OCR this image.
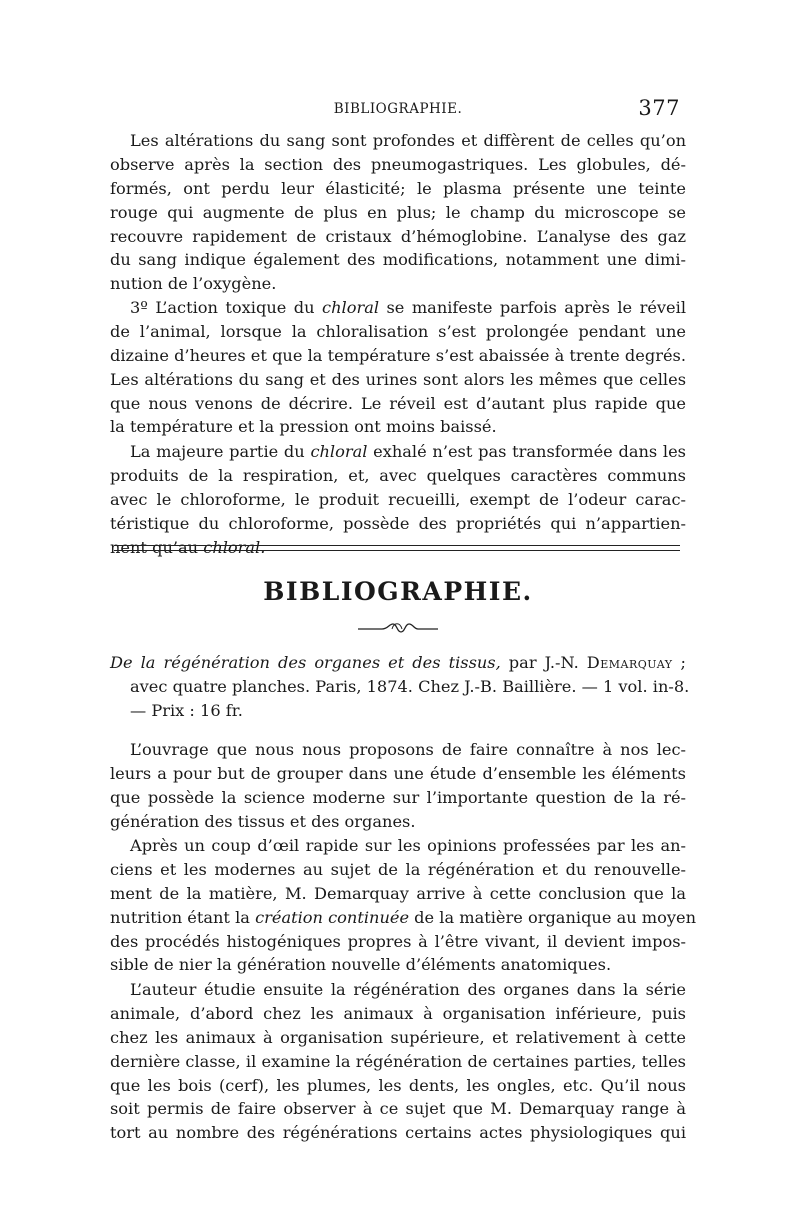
BIBLIOGRAPHIE.	377
Les altérations du sang sont profondes et diffèrent de celles qu’on
observe après la section des pneumogastriques. Les globules, dé-
formés, ont perdu leur élasticité; le plasma présente une teinte
rouge qui augmente de plus en plus; le champ du microscope se
recouvre rapidement de cristaux d’hémoglobine. L’analyse des gaz
du sang indique également des modifications, notamment une dimi-
nution de l’oxygène.
3º L’action toxique du chloral se manifeste parfois après le réveil
de l’animal, lorsque la chloralisation s’est prolongée pendant une
dizaine d’heures et que la température s’est abaissée à trente degrés.
Les altérations du sang et des urines sont alors les mêmes que celles
que nous venons de décrire. Le réveil est d’autant plus rapide que
la température et la pression ont moins baissé.
La majeure partie du chloral exhalé n’est pas transformée dans les
produits de la respiration, et, avec quelques caractères communs
avec le chloroforme, le produit recueilli, exempt de l’odeur carac-
téristique du chloroforme, possède des propriétés qui n’appartien-
nent qu’au chloral.
BIBLIOGRAPHIE.
De la régénération des organes et des tissus, par J.-N. Demarquay ;
avec quatre planches. Paris, 1874. Chez J.-B. Baillière. — 1 vol. in-8.
— Prix : 16 fr.
L’ouvrage que nous nous proposons de faire connaître à nos lec-
leurs a pour but de grouper dans une étude d’ensemble les éléments
que possède la science moderne sur l’importante question de la ré-
génération des tissus et des organes.
Après un coup d’œil rapide sur les opinions professées par les an-
ciens et les modernes au sujet de la régénération et du renouvelle-
ment de la matière, M. Demarquay arrive à cette conclusion que la
nutrition étant la création continuée de la matière organique au moyen
des procédés histogéniques propres à l’être vivant, il devient impos-
sible de nier la génération nouvelle d’éléments anatomiques.
L’auteur étudie ensuite la régénération des organes dans la série
animale, d’abord chez les animaux à organisation inférieure, puis
chez les animaux à organisation supérieure, et relativement à cette
dernière classe, il examine la régénération de certaines parties, telles
que les bois (cerf), les plumes, les dents, les ongles, etc. Qu’il nous
soit permis de faire observer à ce sujet que M. Demarquay range à
tort au nombre des régénérations certains actes physiologiques qui
